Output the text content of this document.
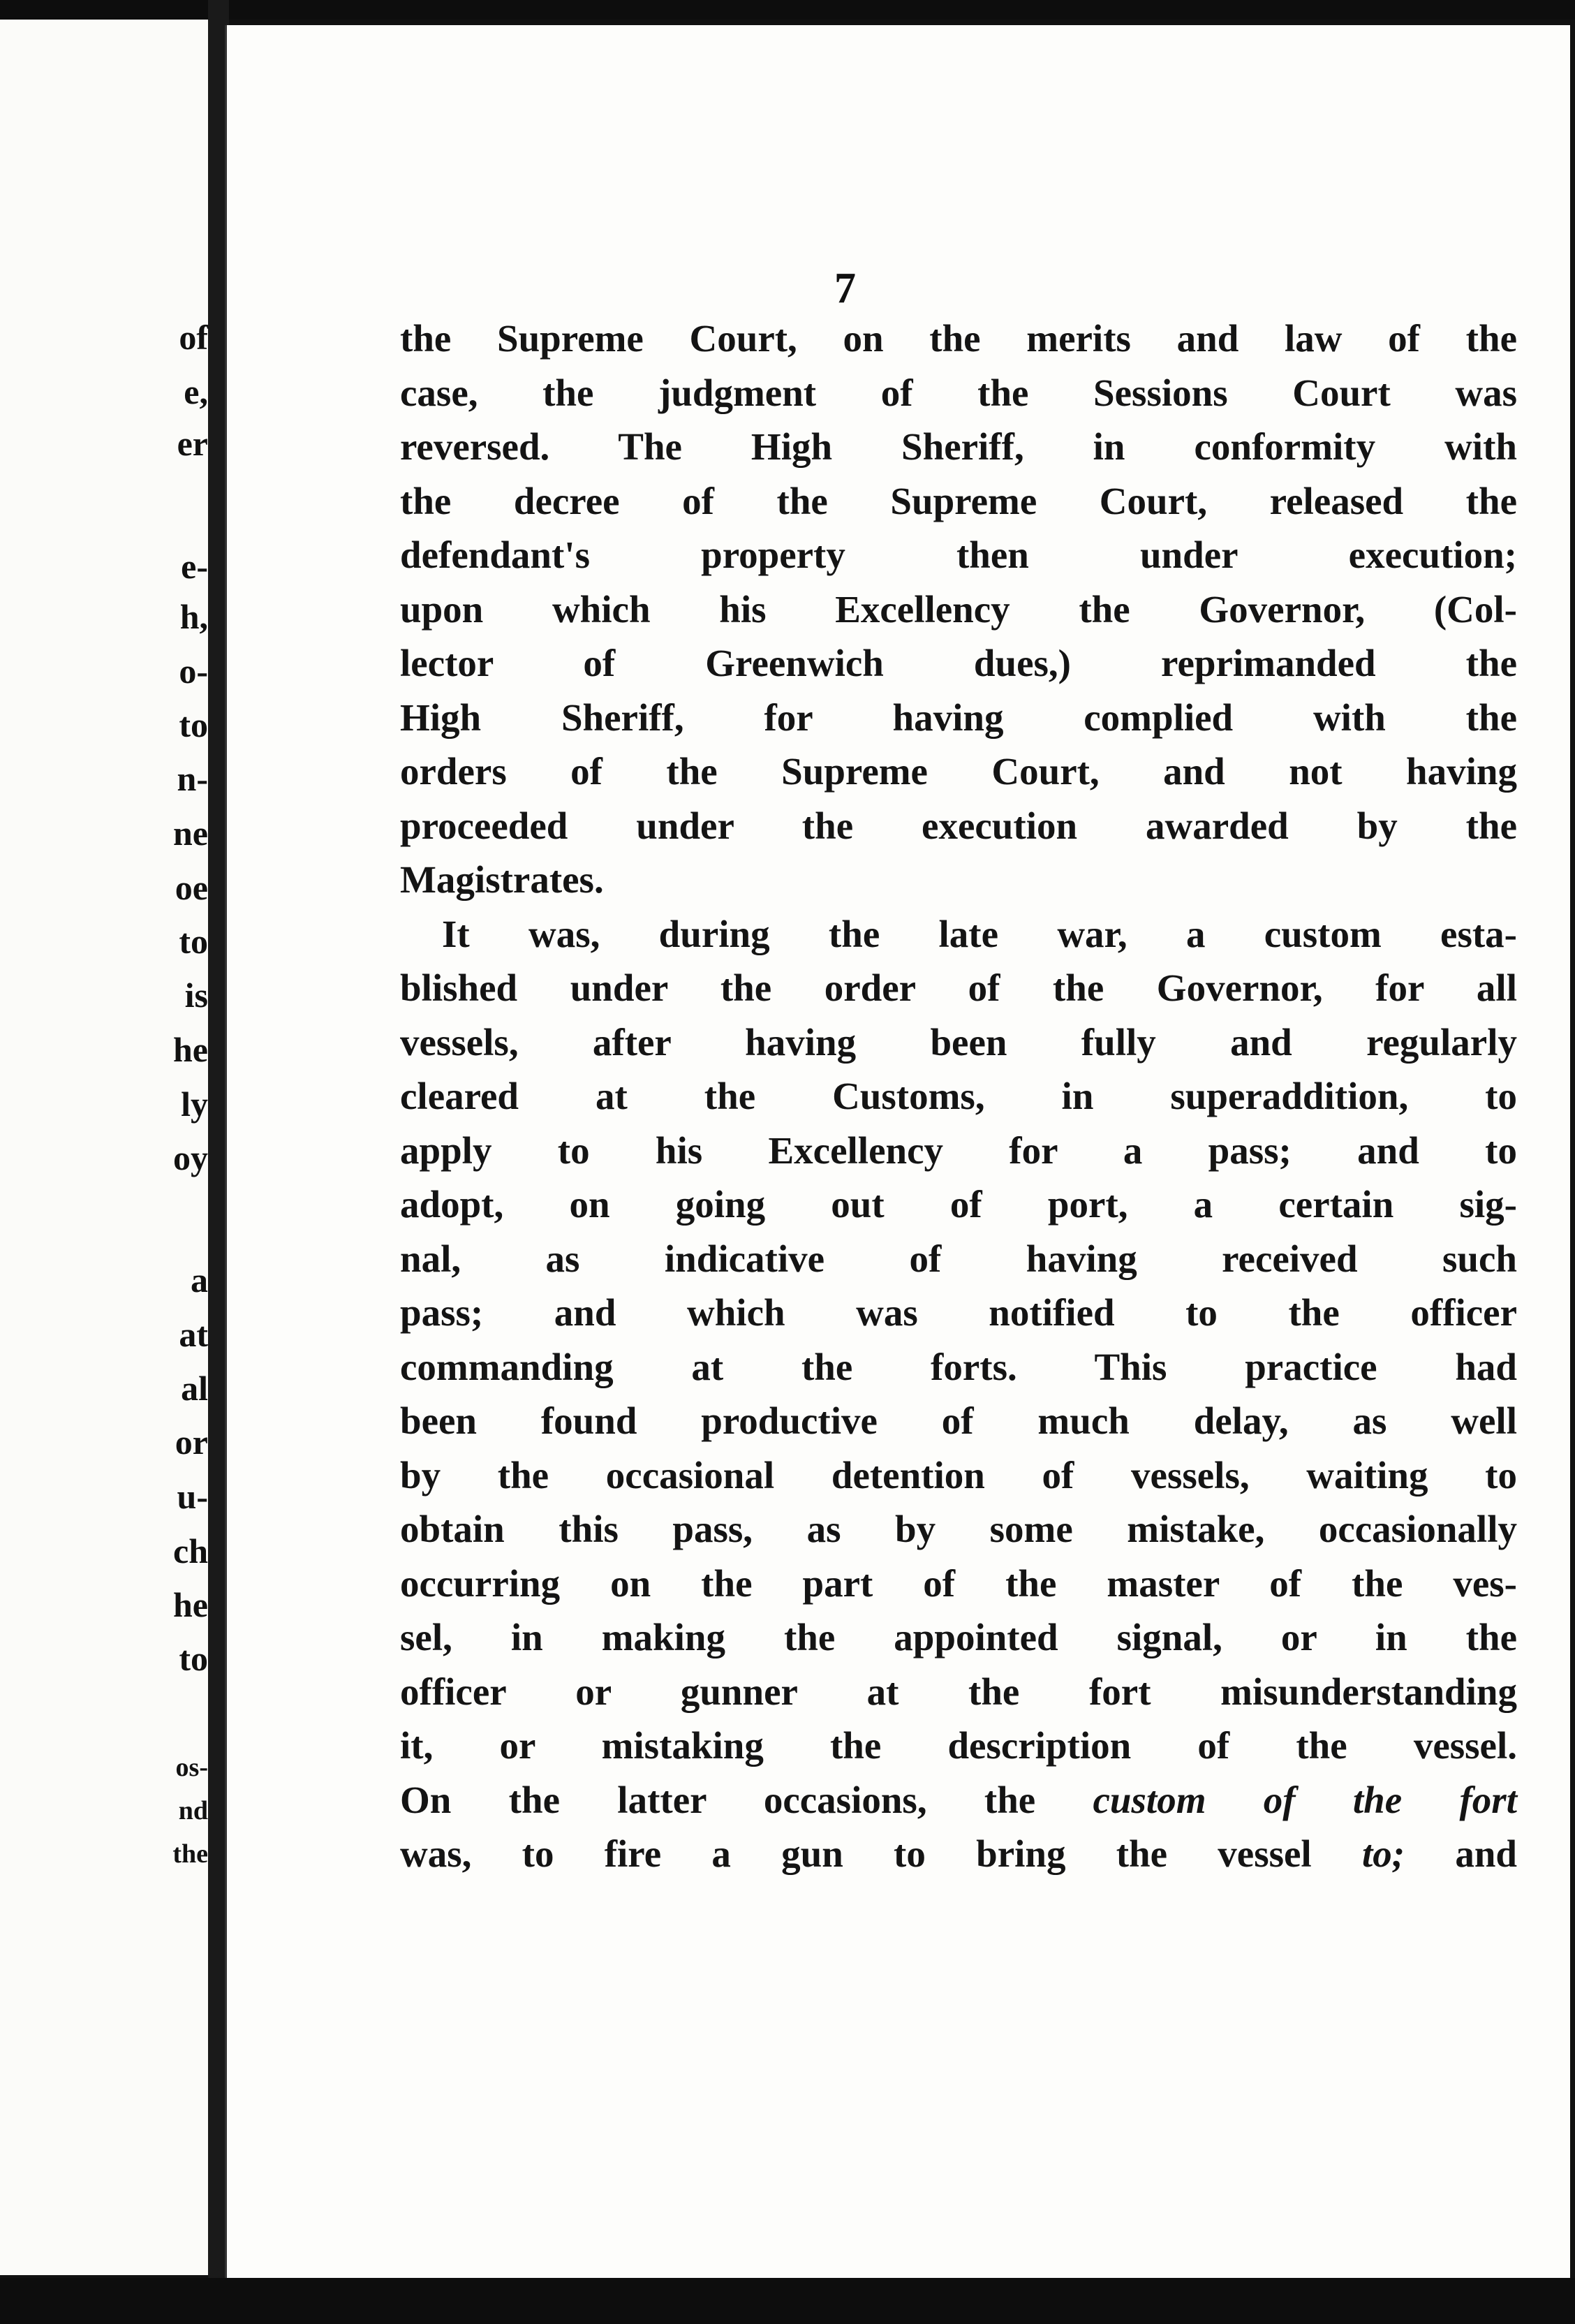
of

e,

er

e-

h,

o-

to

n-

ne

oe

to

is

he

ly

oy

a

at

al

or

u-

ch

he

to

os-

nd

the

7

the Supreme Court, on the merits and law of the
case, the judgment of the Sessions Court was
reversed. The High Sheriff, in conformity with
the decree of the Supreme Court, released the
defendant's property then under execution;
upon which his Excellency the Governor, (Col-
lector of Greenwich dues,) reprimanded the
High Sheriff, for having complied with the
orders of the Supreme Court, and not having
proceeded under the execution awarded by the
Magistrates.
It was, during the late war, a custom esta-
blished under the order of the Governor, for all
vessels, after having been fully and regularly
cleared at the Customs, in superaddition, to
apply to his Excellency for a pass; and to
adopt, on going out of port, a certain sig-
nal, as indicative of having received such
pass; and which was notified to the officer
commanding at the forts. This practice had
been found productive of much delay, as well
by the occasional detention of vessels, waiting to
obtain this pass, as by some mistake, occasionally
occurring on the part of the master of the ves-
sel, in making the appointed signal, or in the
officer or gunner at the fort misunderstanding
it, or mistaking the description of the vessel.
On the latter occasions, the custom of the fort
was, to fire a gun to bring the vessel to; and
